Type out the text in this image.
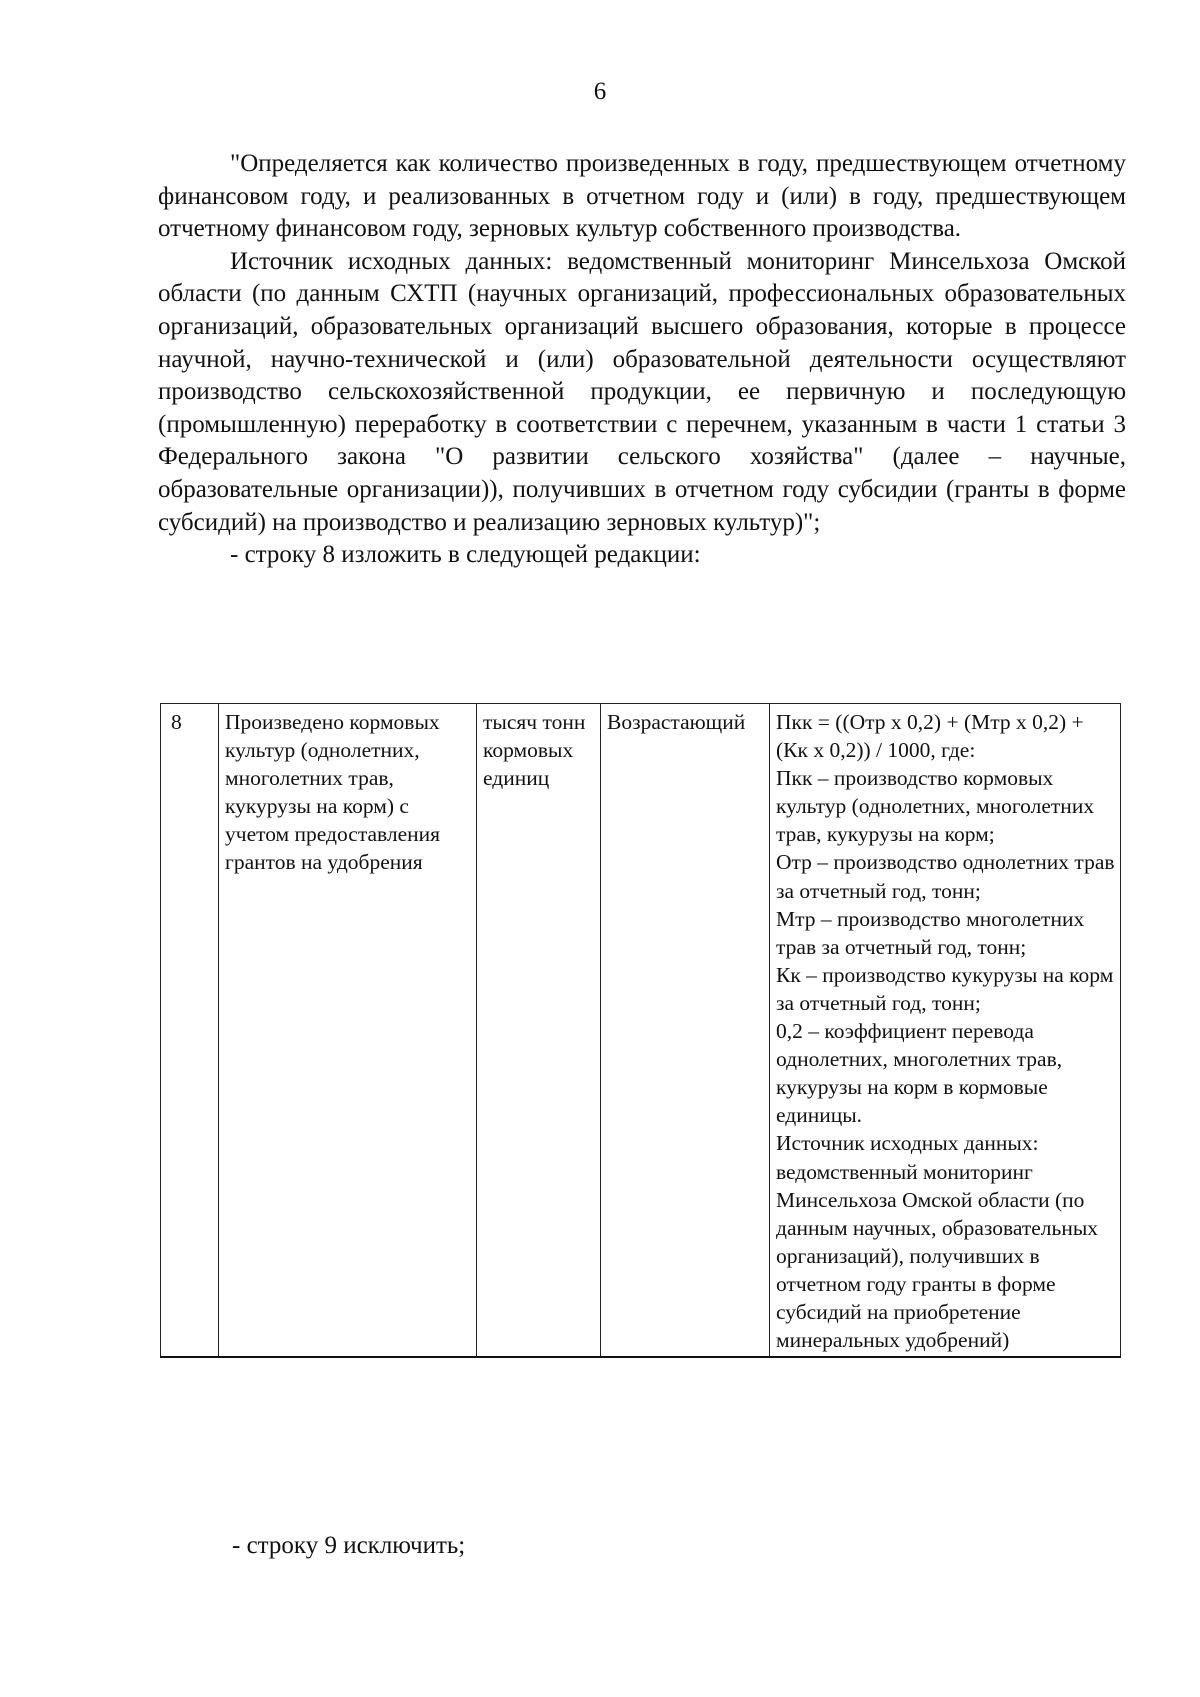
6

"Определяется как количество произведенных в году, предшествующем отчетному финансовом году, и реализованных в отчетном году и (или) в году, предшествующем отчетному финансовом году, зерновых культур собственного производства.

Источник исходных данных: ведомственный мониторинг Минсельхоза Омской области (по данным СХТП (научных организаций, профессиональных образовательных организаций, образовательных организаций высшего образования, которые в процессе научной, научно-технической и (или) образовательной деятельности осуществляют производство сельскохозяйственной продукции, ее первичную и последующую (промышленную) переработку в соответствии с перечнем, указанным в части 1 статьи 3 Федерального закона "О развитии сельского хозяйства" (далее – научные, образовательные организации)), получивших в отчетном году субсидии (гранты в форме субсидий) на производство и реализацию зерновых культур)";

- строку 8 изложить в следующей редакции:

8	Произведено кормовых культур (однолетних, многолетних трав, кукурузы на корм) с учетом предоставления грантов на удобрения	тысяч тонн кормовых единиц	Возрастающий	Пкк = ((Отр х 0,2) + (Мтр х 0,2) + (Кк х 0,2)) / 1000, где:
Пкк – производство кормовых культур (однолетних, многолетних трав, кукурузы на корм;
Отр – производство однолетних трав за отчетный год, тонн;
Мтр – производство многолетних трав за отчетный год, тонн;
Кк – производство кукурузы на корм за отчетный год, тонн;
0,2 – коэффициент перевода однолетних, многолетних трав, кукурузы на корм в кормовые единицы.
Источник исходных данных: ведомственный мониторинг Минсельхоза Омской области (по данным научных, образовательных организаций), получивших в отчетном году гранты в форме субсидий на приобретение минеральных удобрений)
- строку 9 исключить;
